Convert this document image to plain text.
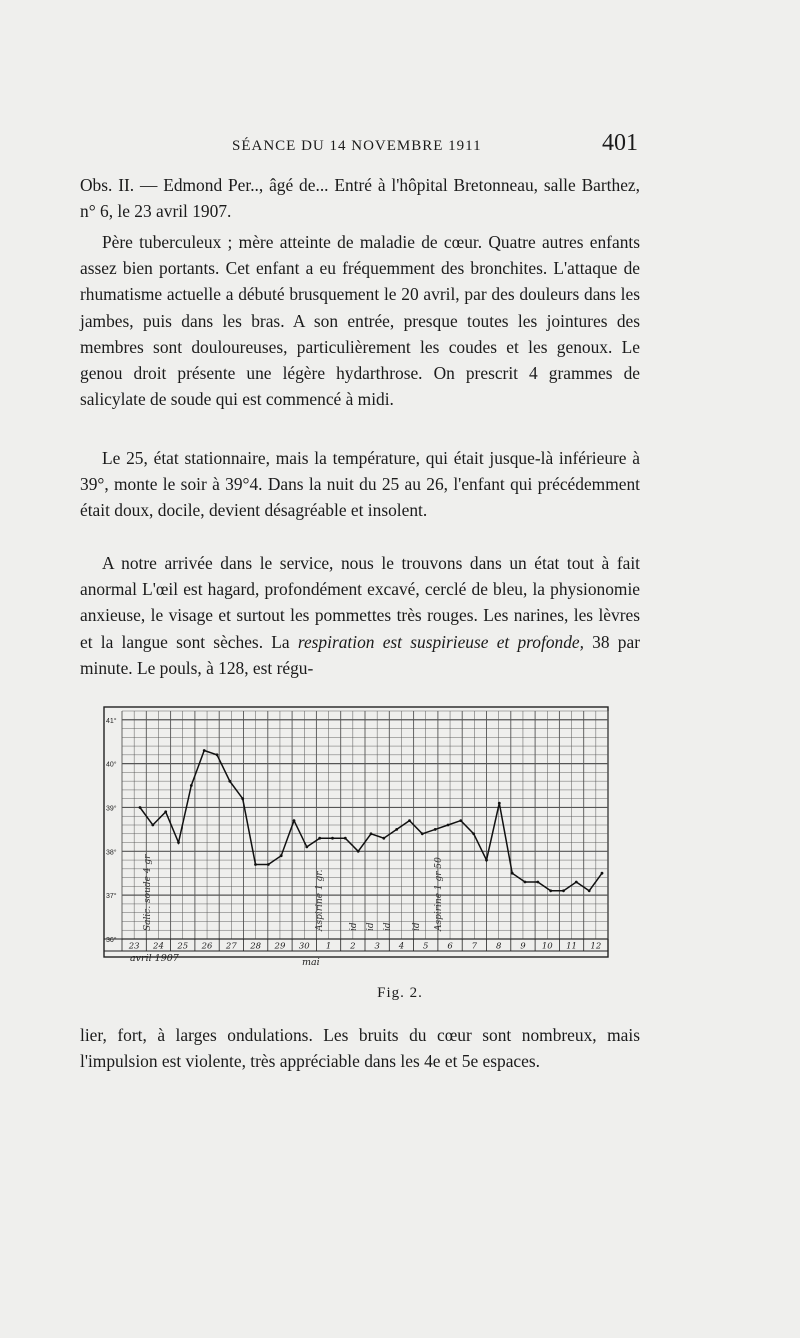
SÉANCE DU 14 NOVEMBRE 1911	401

Obs. II. — Edmond Per.., âgé de... Entré à l'hôpital Bretonneau, salle Barthez, n° 6, le 23 avril 1907.

Père tuberculeux ; mère atteinte de maladie de cœur. Quatre autres enfants assez bien portants. Cet enfant a eu fréquemment des bronchites. L'attaque de rhumatisme actuelle a débuté brusquement le 20 avril, par des douleurs dans les jambes, puis dans les bras. A son entrée, presque toutes les jointures des membres sont douloureuses, particulièrement les coudes et les genoux. Le genou droit présente une légère hydarthrose. On prescrit 4 grammes de salicylate de soude qui est commencé à midi.

Le 25, état stationnaire, mais la température, qui était jusque-là inférieure à 39°, monte le soir à 39°4. Dans la nuit du 25 au 26, l'enfant qui précédemment était doux, docile, devient désagréable et insolent.

A notre arrivée dans le service, nous le trouvons dans un état tout à fait anormal L'œil est hagard, profondément excavé, cerclé de bleu, la physionomie anxieuse, le visage et surtout les pommettes très rouges. Les narines, les lèvres et la langue sont sèches. La respiration est suspirieuse et profonde, 38 par minute. Le pouls, à 128, est régu-

41°
40°
39°
38°
37°
36°
23 24 25 26 27 28 29 30 1 2 3 4 5 6 7 8 9 10 11 12
avril 1907	mai
Salic. soude 4 gr	Aspirine 1 gr.	id id id id Aspirine 1 gr 50
Fig. 2.

lier, fort, à larges ondulations. Les bruits du cœur sont nombreux, mais l'impulsion est violente, très appréciable dans les 4e et 5e espaces.
